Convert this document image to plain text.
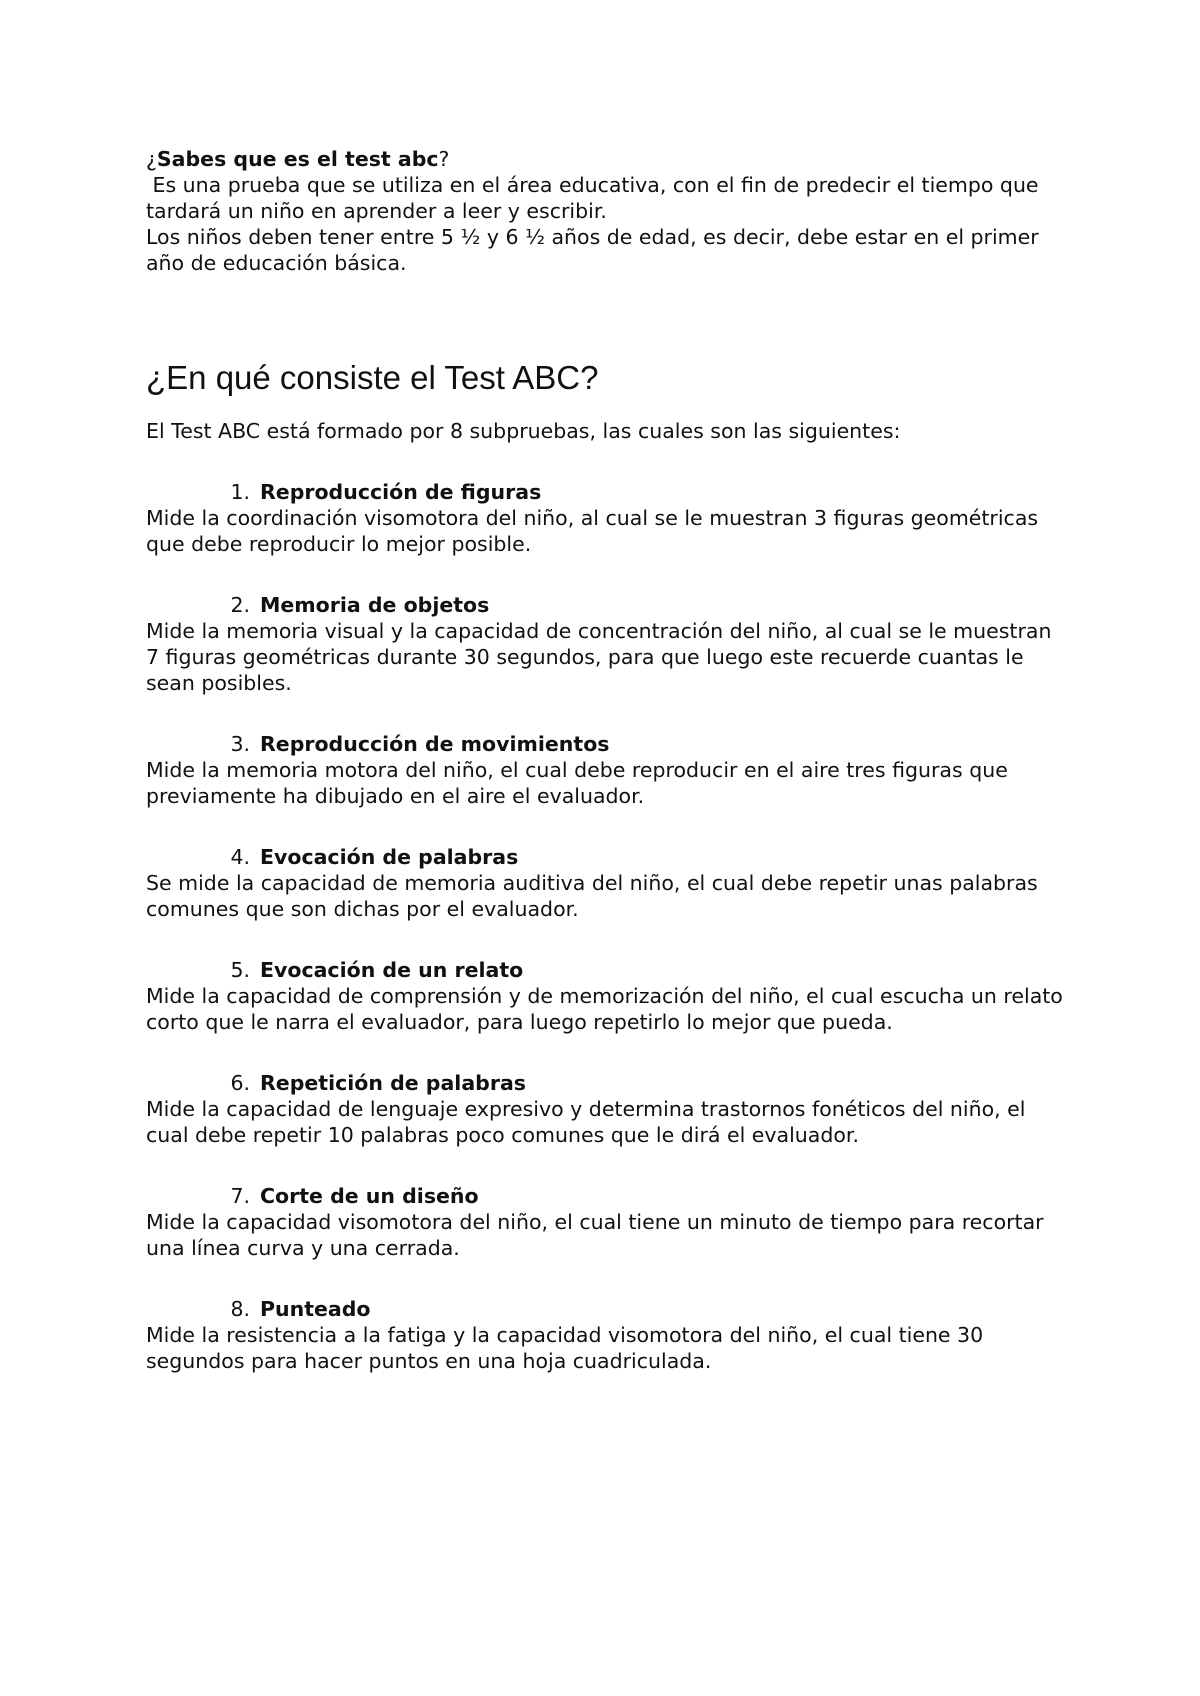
¿Sabes que es el test abc?

Es una prueba que se utiliza en el área educativa, con el fin de predecir el tiempo que tardará un niño en aprender a leer y escribir.

Los niños deben tener entre 5 ½ y 6 ½ años de edad, es decir, debe estar en el primer año de educación básica.

¿En qué consiste el Test ABC?

El Test ABC está formado por 8 subpruebas, las cuales son las siguientes:

1. Reproducción de figuras

Mide la coordinación visomotora del niño, al cual se le muestran 3 figuras geométricas que debe reproducir lo mejor posible.

2. Memoria de objetos

Mide la memoria visual y la capacidad de concentración del niño, al cual se le muestran 7 figuras geométricas durante 30 segundos, para que luego este recuerde cuantas le sean posibles.

3. Reproducción de movimientos

Mide la memoria motora del niño, el cual debe reproducir en el aire tres figuras que previamente ha dibujado en el aire el evaluador.

4. Evocación de palabras

Se mide la capacidad de memoria auditiva del niño, el cual debe repetir unas palabras comunes que son dichas por el evaluador.

5. Evocación de un relato

Mide la capacidad de comprensión y de memorización del niño, el cual escucha un relato corto que le narra el evaluador, para luego repetirlo lo mejor que pueda.

6. Repetición de palabras

Mide la capacidad de lenguaje expresivo y determina trastornos fonéticos del niño, el cual debe repetir 10 palabras poco comunes que le dirá el evaluador.

7. Corte de un diseño

Mide la capacidad visomotora del niño, el cual tiene un minuto de tiempo para recortar una línea curva y una cerrada.

8. Punteado

Mide la resistencia a la fatiga y la capacidad visomotora del niño, el cual tiene 30 segundos para hacer puntos en una hoja cuadriculada.
